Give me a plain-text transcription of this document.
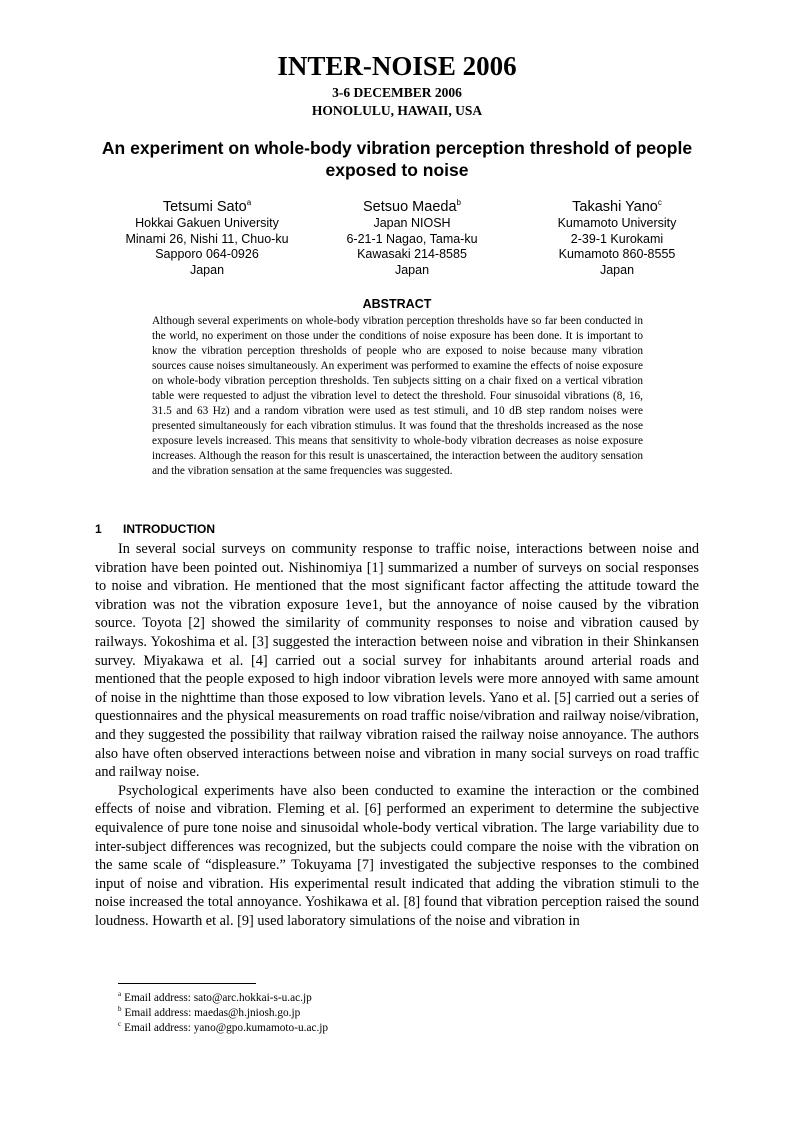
INTER-NOISE 2006
3-6 DECEMBER 2006
HONOLULU, HAWAII, USA
An experiment on whole-body vibration perception threshold of people exposed to noise
Tetsumi Sato$^a$
Hokkai Gakuen University
Minami 26, Nishi 11, Chuo-ku
Sapporo 064-0926
Japan
Setsuo Maeda$^b$
Japan NIOSH
6-21-1 Nagao, Tama-ku
Kawasaki 214-8585
Japan
Takashi Yano$^c$
Kumamoto University
2-39-1 Kurokami
Kumamoto 860-8555
Japan
ABSTRACT
Although several experiments on whole-body vibration perception thresholds have so far been conducted in the world, no experiment on those under the conditions of noise exposure has been done. It is important to know the vibration perception thresholds of people who are exposed to noise because many vibration sources cause noises simultaneously. An experiment was performed to examine the effects of noise exposure on whole-body vibration perception thresholds. Ten subjects sitting on a chair fixed on a vertical vibration table were requested to adjust the vibration level to detect the threshold. Four sinusoidal vibrations (8, 16, 31.5 and 63 Hz) and a random vibration were used as test stimuli, and 10 dB step random noises were presented simultaneously for each vibration stimulus. It was found that the thresholds increased as the nose exposure levels increased. This means that sensitivity to whole-body vibration decreases as noise exposure increases. Although the reason for this result is unascertained, the interaction between the auditory sensation and the vibration sensation at the same frequencies was suggested.
1 INTRODUCTION

In several social surveys on community response to traffic noise, interactions between noise and vibration have been pointed out. Nishinomiya [1] summarized a number of surveys on social responses to noise and vibration. He mentioned that the most significant factor affecting the attitude toward the vibration was not the vibration exposure 1eve1, but the annoyance of noise caused by the vibration source. Toyota [2] showed the similarity of community responses to noise and vibration caused by railways. Yokoshima et al. [3] suggested the interaction between noise and vibration in their Shinkansen survey. Miyakawa et al. [4] carried out a social survey for inhabitants around arterial roads and mentioned that the people exposed to high indoor vibration levels were more annoyed with same amount of noise in the nighttime than those exposed to low vibration levels. Yano et al. [5] carried out a series of questionnaires and the physical measurements on road traffic noise/vibration and railway noise/vibration, and they suggested the possibility that railway vibration raised the railway noise annoyance. The authors also have often observed interactions between noise and vibration in many social surveys on road traffic and railway noise.

Psychological experiments have also been conducted to examine the interaction or the combined effects of noise and vibration. Fleming et al. [6] performed an experiment to determine the subjective equivalence of pure tone noise and sinusoidal whole-body vertical vibration. The large variability due to inter-subject differences was recognized, but the subjects could compare the noise with the vibration on the same scale of “displeasure.” Tokuyama [7] investigated the subjective responses to the combined input of noise and vibration. His experimental result indicated that adding the vibration stimuli to the noise increased the total annoyance. Yoshikawa et al. [8] found that vibration perception raised the sound loudness. Howarth et al. [9] used laboratory simulations of the noise and vibration in

$^a$ Email address: sato@arc.hokkai-s-u.ac.jp
$^b$ Email address: maedas@h.jniosh.go.jp
$^c$ Email address: yano@gpo.kumamoto-u.ac.jp
